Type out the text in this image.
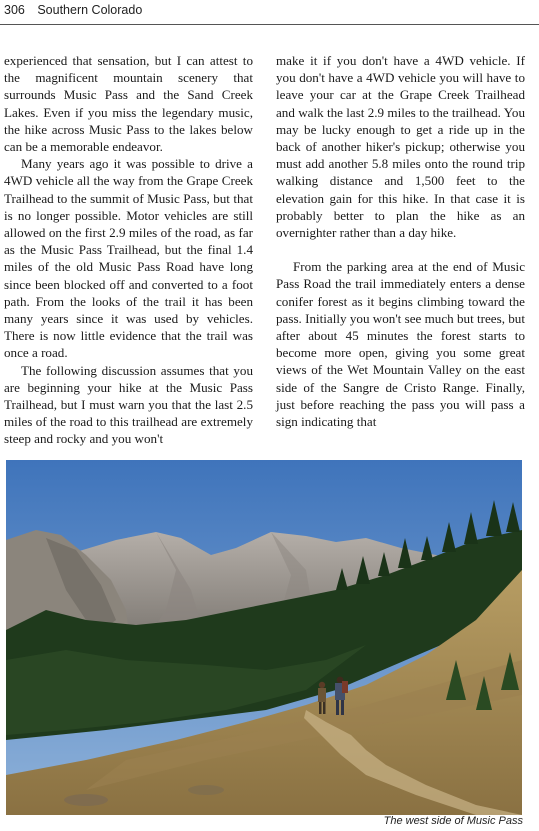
306 Southern Colorado

experienced that sensation, but I can attest to the magnificent mountain scenery that surrounds Music Pass and the Sand Creek Lakes. Even if you miss the legendary music, the hike across Music Pass to the lakes below can be a memorable endeavor.

Many years ago it was possible to drive a 4WD vehicle all the way from the Grape Creek Trailhead to the summit of Music Pass, but that is no longer possible. Motor vehicles are still allowed on the first 2.9 miles of the road, as far as the Music Pass Trailhead, but the final 1.4 miles of the old Music Pass Road have long since been blocked off and converted to a foot path. From the looks of the trail it has been many years since it was used by vehicles. There is now little evidence that the trail was once a road.

The following discussion assumes that you are beginning your hike at the Music Pass Trailhead, but I must warn you that the last 2.5 miles of the road to this trailhead are extremely steep and rocky and you won't

make it if you don't have a 4WD vehicle. If you don't have a 4WD vehicle you will have to leave your car at the Grape Creek Trailhead and walk the last 2.9 miles to the trailhead. You may be lucky enough to get a ride up in the back of another hiker's pickup; otherwise you must add another 5.8 miles onto the round trip walking distance and 1,500 feet to the elevation gain for this hike. In that case it is probably better to plan the hike as an overnighter rather than a day hike.

From the parking area at the end of Music Pass Road the trail immediately enters a dense conifer forest as it begins climbing toward the pass. Initially you won't see much but trees, but after about 45 minutes the forest starts to become more open, giving you some great views of the Wet Mountain Valley on the east side of the Sangre de Cristo Range. Finally, just before reaching the pass you will pass a sign indicating that

The west side of Music Pass
